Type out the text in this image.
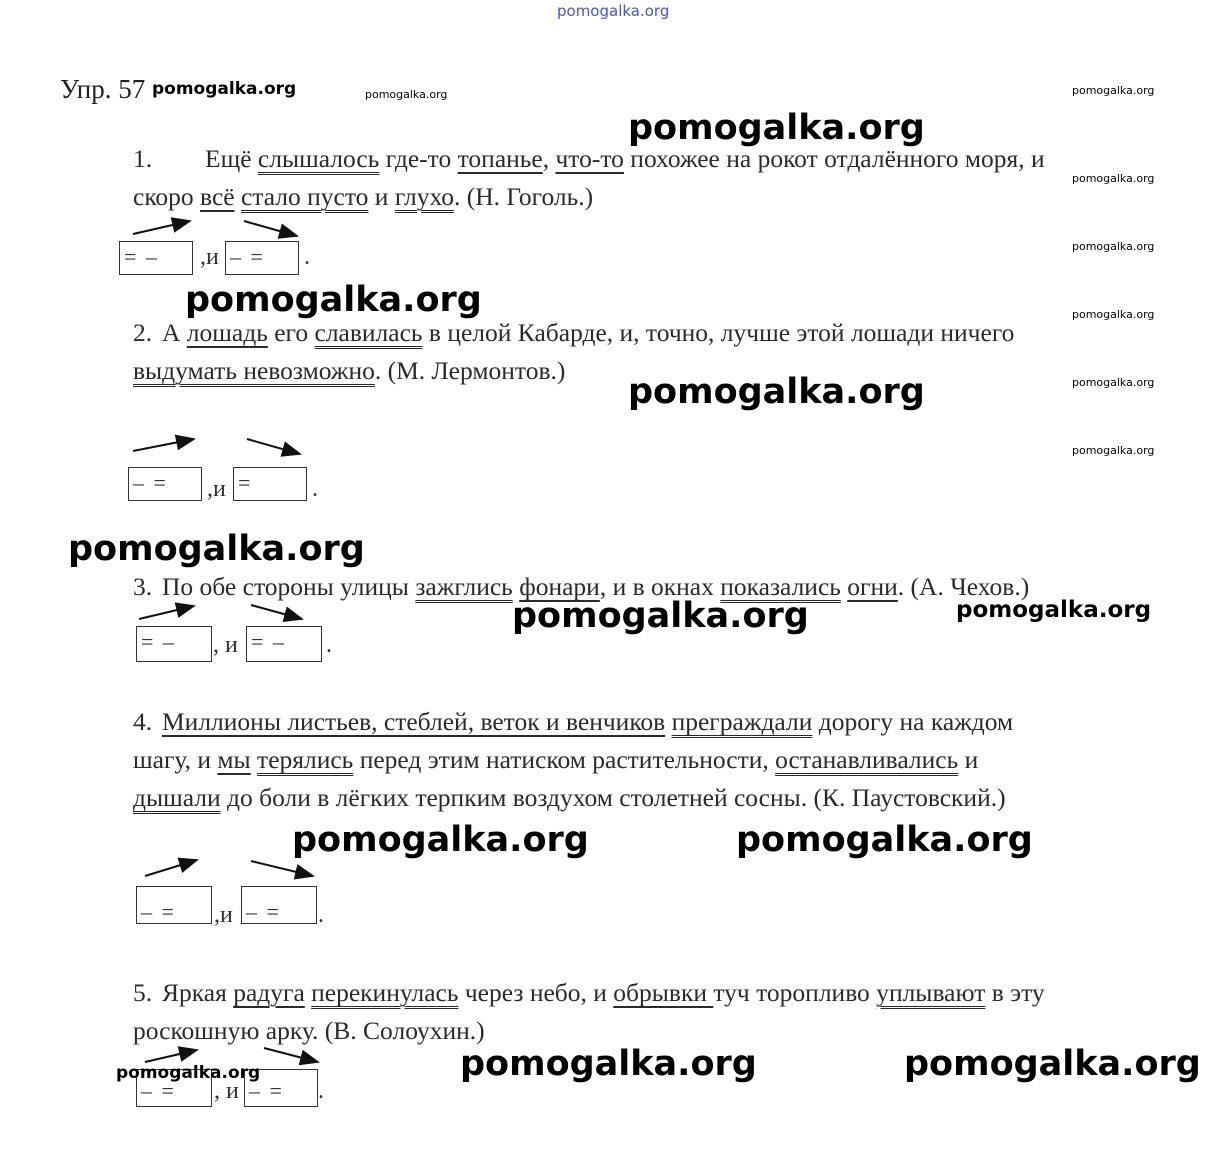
pomogalka.org
Упр. 57 pomogalka.org	pomogalka.org	pomogalka.org
pomogalka.org
pomogalka.org
pomogalka.org
pomogalka.org
pomogalka.org
1. Ещё слышалось где-то топанье, что-то похожее на рокот отдалённого моря, и
скоро всё стало пусто и глухо. (Н. Гоголь.)
= – ,и – = .
2. А лошадь его славилась в целой Кабарде, и, точно, лучше этой лошади ничего
выдумать невозможно. (М. Лермонтов.)
– = ,и = .
3. По обе стороны улицы зажглись фонари, и в окнах показались огни. (А. Чехов.)
= – , и = – .
4. Миллионы листьев, стеблей, веток и венчиков преграждали дорогу на каждом
шагу, и мы терялись перед этим натиском растительности, останавливались и
дышали до боли в лёгких терпким воздухом столетней сосны. (К. Паустовский.)
– = ,и – = .
5. Яркая радуга перекинулась через небо, и обрывки туч торопливо уплывают в эту
роскошную арку. (В. Солоухин.)
– = , и – = .
pomogalka.org
pomogalka.org
pomogalka.org
pomogalka.org
pomogalka.org	pomogalka.org
pomogalka.org	pomogalka.org
pomogalka.org	pomogalka.org
pomogalka.org
